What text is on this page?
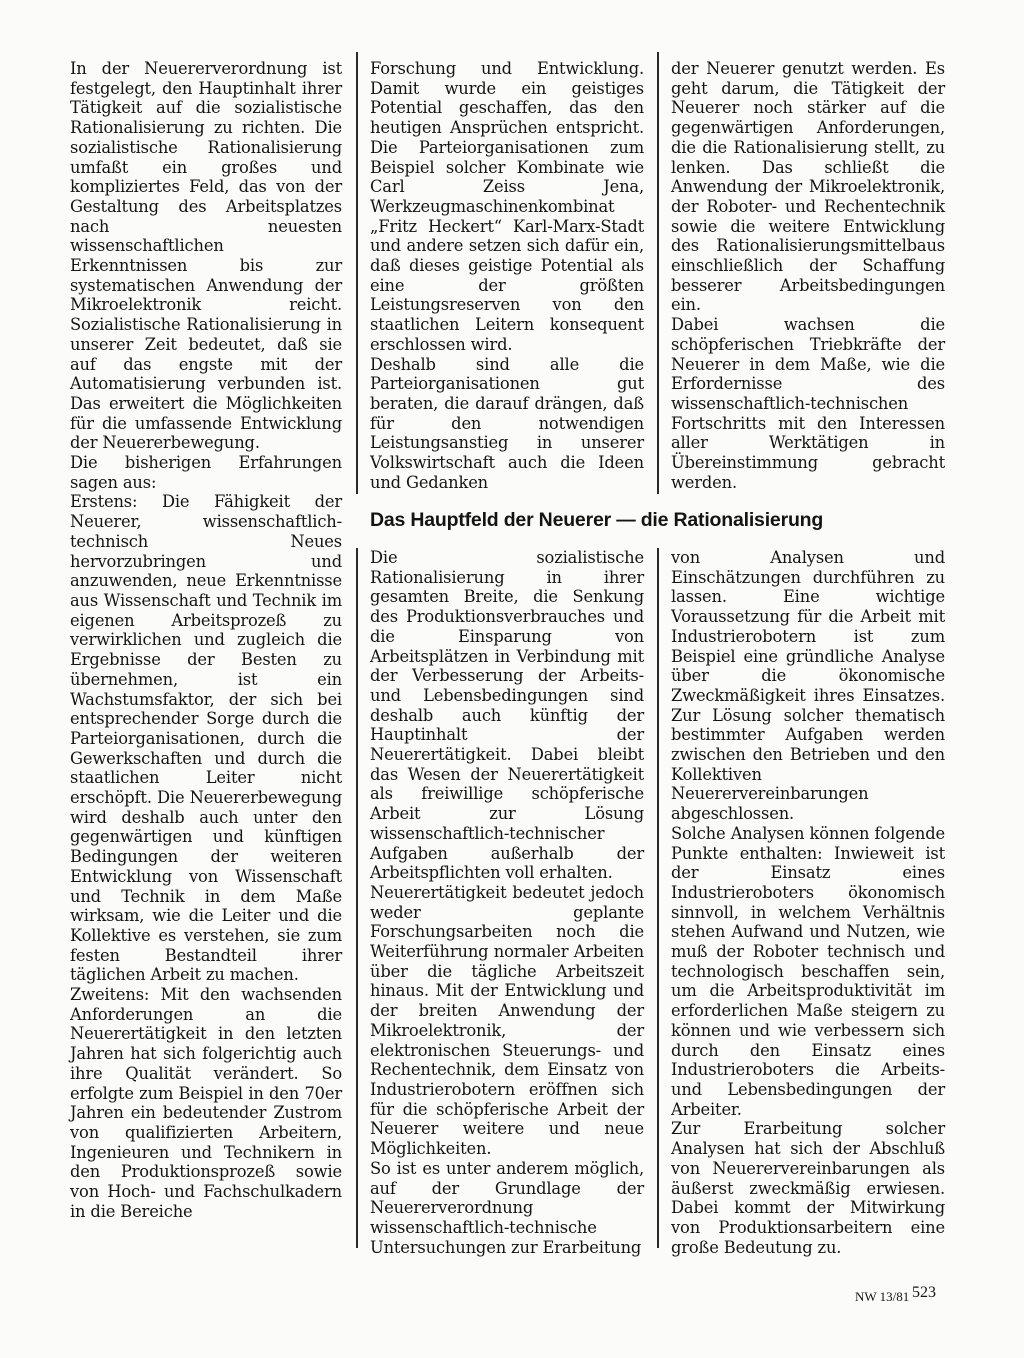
In der Neuererverordnung ist festgelegt, den Hauptinhalt ihrer Tätigkeit auf die sozialistische Rationalisierung zu richten. Die sozialistische Rationalisierung umfaßt ein großes und kompliziertes Feld, das von der Gestaltung des Arbeitsplatzes nach neuesten wissenschaftlichen Erkenntnissen bis zur systematischen Anwendung der Mikroelektronik reicht. Sozialistische Rationalisierung in unserer Zeit bedeutet, daß sie auf das engste mit der Automatisierung verbunden ist. Das erweitert die Möglichkeiten für die umfassende Entwicklung der Neuererbewegung.

Die bisherigen Erfahrungen sagen aus:

Erstens: Die Fähigkeit der Neuerer, wissenschaftlich-technisch Neues hervorzubringen und anzuwenden, neue Erkenntnisse aus Wissenschaft und Technik im eigenen Arbeitsprozeß zu verwirklichen und zugleich die Ergebnisse der Besten zu übernehmen, ist ein Wachstumsfaktor, der sich bei entsprechender Sorge durch die Parteiorganisationen, durch die Gewerkschaften und durch die staatlichen Leiter nicht erschöpft. Die Neuererbewegung wird deshalb auch unter den gegenwärtigen und künftigen Bedingungen der weiteren Entwicklung von Wissenschaft und Technik in dem Maße wirksam, wie die Leiter und die Kollektive es verstehen, sie zum festen Bestandteil ihrer täglichen Arbeit zu machen.

Zweitens: Mit den wachsenden Anforderungen an die Neuerertätigkeit in den letzten Jahren hat sich folgerichtig auch ihre Qualität verändert. So erfolgte zum Beispiel in den 70er Jahren ein bedeutender Zustrom von qualifizierten Arbeitern, Ingenieuren und Technikern in den Produktionsprozeß sowie von Hoch- und Fachschulkadern in die Bereiche

Forschung und Entwicklung. Damit wurde ein geistiges Potential geschaffen, das den heutigen Ansprüchen entspricht. Die Parteiorganisationen zum Beispiel solcher Kombinate wie Carl Zeiss Jena, Werkzeugmaschinenkombinat „Fritz Heckert“ Karl-Marx-Stadt und andere setzen sich dafür ein, daß dieses geistige Potential als eine der größten Leistungsreserven von den staatlichen Leitern konsequent erschlossen wird.

Deshalb sind alle die Parteiorganisationen gut beraten, die darauf drängen, daß für den notwendigen Leistungsanstieg in unserer Volkswirtschaft auch die Ideen und Gedanken

der Neuerer genutzt werden. Es geht darum, die Tätigkeit der Neuerer noch stärker auf die gegenwärtigen Anforderungen, die die Rationalisierung stellt, zu lenken. Das schließt die Anwendung der Mikroelektronik, der Roboter- und Rechentechnik sowie die weitere Entwicklung des Rationalisierungsmittelbaus einschließlich der Schaffung besserer Arbeitsbedingungen ein.

Dabei wachsen die schöpferischen Triebkräfte der Neuerer in dem Maße, wie die Erfordernisse des wissenschaftlich-technischen Fortschritts mit den Interessen aller Werktätigen in Übereinstimmung gebracht werden.

Das Hauptfeld der Neuerer — die Rationalisierung

Die sozialistische Rationalisierung in ihrer gesamten Breite, die Senkung des Produktionsverbrauches und die Einsparung von Arbeitsplätzen in Verbindung mit der Verbesserung der Arbeits- und Lebensbedingungen sind deshalb auch künftig der Hauptinhalt der Neuerertätigkeit. Dabei bleibt das Wesen der Neuerertätigkeit als freiwillige schöpferische Arbeit zur Lösung wissenschaftlich-technischer Aufgaben außerhalb der Arbeitspflichten voll erhalten.

Neuerertätigkeit bedeutet jedoch weder geplante Forschungsarbeiten noch die Weiterführung normaler Arbeiten über die tägliche Arbeitszeit hinaus. Mit der Entwicklung und der breiten Anwendung der Mikroelektronik, der elektronischen Steuerungs- und Rechentechnik, dem Einsatz von Industrierobotern eröffnen sich für die schöpferische Arbeit der Neuerer weitere und neue Möglichkeiten.

So ist es unter anderem möglich, auf der Grundlage der Neuererverordnung wissenschaftlich-technische Untersuchungen zur Erarbeitung

von Analysen und Einschätzungen durchführen zu lassen. Eine wichtige Voraussetzung für die Arbeit mit Industrierobotern ist zum Beispiel eine gründliche Analyse über die ökonomische Zweckmäßigkeit ihres Einsatzes. Zur Lösung solcher thematisch bestimmter Aufgaben werden zwischen den Betrieben und den Kollektiven Neuerervereinbarungen abgeschlossen.

Solche Analysen können folgende Punkte enthalten: Inwieweit ist der Einsatz eines Industrieroboters ökonomisch sinnvoll, in welchem Verhältnis stehen Aufwand und Nutzen, wie muß der Roboter technisch und technologisch beschaffen sein, um die Arbeitsproduktivität im erforderlichen Maße steigern zu können und wie verbessern sich durch den Einsatz eines Industrieroboters die Arbeits- und Lebensbedingungen der Arbeiter.

Zur Erarbeitung solcher Analysen hat sich der Abschluß von Neuerervereinbarungen als äußerst zweckmäßig erwiesen. Dabei kommt der Mitwirkung von Produktionsarbeitern eine große Bedeutung zu.

NW 13/81 523
